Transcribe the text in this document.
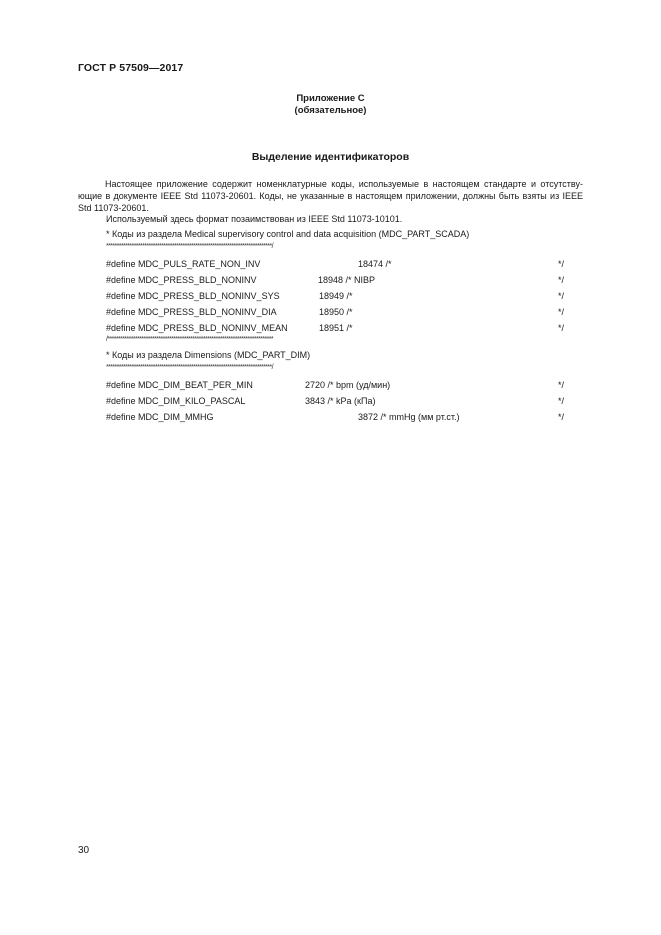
ГОСТ Р 57509—2017
Приложение С
(обязательное)
Выделение идентификаторов
Настоящее приложение содержит номенклатурные коды, используемые в настоящем стандарте и отсутству-ющие в документе IEEE Std 11073-20601. Коды, не указанные в настоящем приложении, должны быть взяты из IEEE Std 11073-20601.
Используемый здесь формат позаимствован из IEEE Std 11073-10101.
* Коды из раздела Medical supervisory control and data acquisition (MDC_PART_SCADA)
******************************************************************************/
#define MDC_PULS_RATE_NON_INV	18474 /*	*/
#define MDC_PRESS_BLD_NONINV	18948 /* NIBP	*/
#define MDC_PRESS_BLD_NONINV_SYS	18949 /*	*/
#define MDC_PRESS_BLD_NONINV_DIA	18950 /*	*/
#define MDC_PRESS_BLD_NONINV_MEAN	18951 /*	*/
/******************************************************************************
* Коды из раздела Dimensions (MDC_PART_DIM)
******************************************************************************/
#define MDC_DIM_BEAT_PER_MIN	2720 /* bpm (уд/мин)	*/
#define MDC_DIM_KILO_PASCAL	3843 /* kPa (кПа)	*/
#define MDC_DIM_MMHG	3872 /* mmHg (мм рт.ст.)	*/
30
